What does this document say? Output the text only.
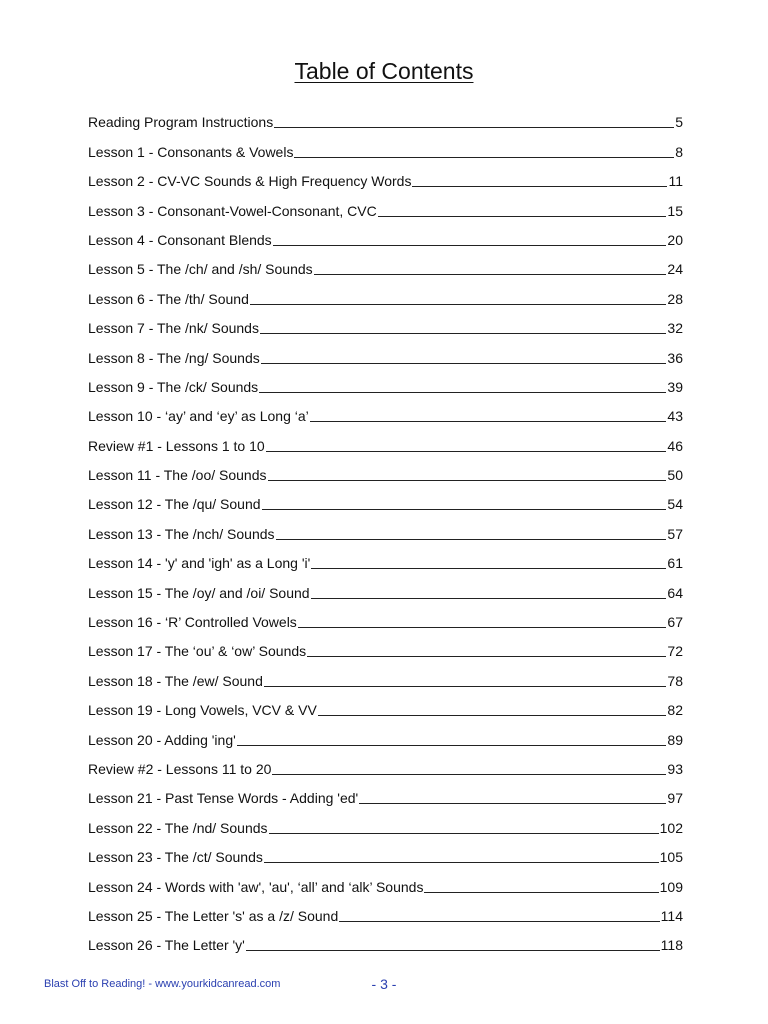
Table of Contents
Reading Program Instructions	5
Lesson 1 - Consonants & Vowels	8
Lesson 2 - CV-VC Sounds & High Frequency Words	11
Lesson 3 - Consonant-Vowel-Consonant, CVC	15
Lesson 4 - Consonant Blends	20
Lesson 5 - The /ch/ and /sh/ Sounds	24
Lesson 6 - The /th/ Sound	28
Lesson 7 - The /nk/ Sounds	32
Lesson 8 - The /ng/ Sounds	36
Lesson 9 - The /ck/ Sounds	39
Lesson 10 - ‘ay’ and ‘ey’ as Long ‘a’	43
Review #1 - Lessons 1 to 10	46
Lesson 11 - The /oo/ Sounds	50
Lesson 12 - The /qu/ Sound	54
Lesson 13 - The /nch/ Sounds	57
Lesson 14 - 'y' and 'igh' as a Long 'i'	61
Lesson 15 - The /oy/ and /oi/ Sound	64
Lesson 16 - ‘R’ Controlled Vowels	67
Lesson 17 - The ‘ou’ & ‘ow’ Sounds	72
Lesson 18 - The /ew/ Sound	78
Lesson 19 - Long Vowels, VCV & VV	82
Lesson 20 - Adding 'ing'	89
Review #2 - Lessons 11 to 20	93
Lesson 21 - Past Tense Words - Adding 'ed'	97
Lesson 22 - The /nd/ Sounds	102
Lesson 23 - The /ct/ Sounds	105
Lesson 24 - Words with 'aw', 'au', ‘all’ and ‘alk’ Sounds	109
Lesson 25 - The Letter 's' as a /z/ Sound	114
Lesson 26 - The Letter 'y'	118
Blast Off to Reading! - www.yourkidcanread.com	- 3 -
